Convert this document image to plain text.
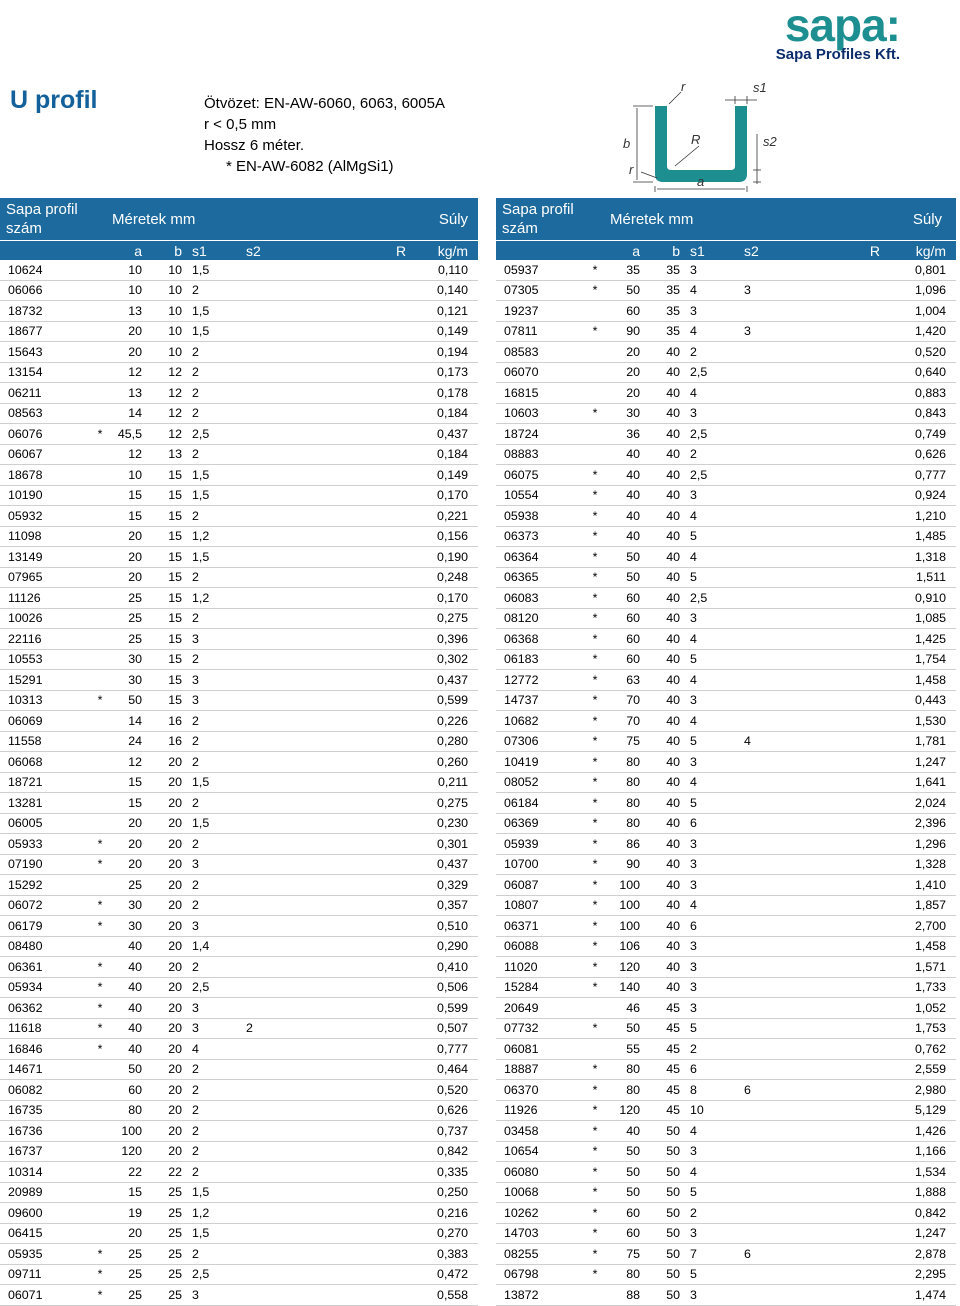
sapa:
Sapa Profiles Kft.
U profil	Ötvözet: EN-AW-6060, 6063, 6005A
r < 0,5 mm
Hossz 6 méter.
* EN-AW-6082 (AlMgSi1)
r	s1
b	R	s2
r
a
Sapa profil
szám	Méretek mm						Súly
		a	b	s1	s2	R	kg/m
10624		10	10	1,5			0,110
06066		10	10	2			0,140
18732		13	10	1,5			0,121
18677		20	10	1,5			0,149
15643		20	10	2			0,194
13154		12	12	2			0,173
06211		13	12	2			0,178
08563		14	12	2			0,184
06076	*	45,5	12	2,5			0,437
06067		12	13	2			0,184
18678		10	15	1,5			0,149
10190		15	15	1,5			0,170
05932		15	15	2			0,221
11098		20	15	1,2			0,156
13149		20	15	1,5			0,190
07965		20	15	2			0,248
11126		25	15	1,2			0,170
10026		25	15	2			0,275
22116		25	15	3			0,396
10553		30	15	2			0,302
15291		30	15	3			0,437
10313	*	50	15	3			0,599
06069		14	16	2			0,226
11558		24	16	2			0,280
06068		12	20	2			0,260
18721		15	20	1,5			0,211
13281		15	20	2			0,275
06005		20	20	1,5			0,230
05933	*	20	20	2			0,301
07190	*	20	20	3			0,437
15292		25	20	2			0,329
06072	*	30	20	2			0,357
06179	*	30	20	3			0,510
08480		40	20	1,4			0,290
06361	*	40	20	2			0,410
05934	*	40	20	2,5			0,506
06362	*	40	20	3			0,599
11618	*	40	20	3	2		0,507
16846	*	40	20	4			0,777
14671		50	20	2			0,464
06082		60	20	2			0,520
16735		80	20	2			0,626
16736		100	20	2			0,737
16737		120	20	2			0,842
10314		22	22	2			0,335
20989		15	25	1,5			0,250
09600		19	25	1,2			0,216
06415		20	25	1,5			0,270
05935	*	25	25	2			0,383
09711	*	25	25	2,5			0,472
06071	*	25	25	3			0,558
Sapa profil
szám	Méretek mm						Súly
		a	b	s1	s2	R	kg/m
05937	*	35	35	3			0,801
07305	*	50	35	4	3		1,096
19237		60	35	3			1,004
07811	*	90	35	4	3		1,420
08583		20	40	2			0,520
06070		20	40	2,5			0,640
16815		20	40	4			0,883
10603	*	30	40	3			0,843
18724		36	40	2,5			0,749
08883		40	40	2			0,626
06075	*	40	40	2,5			0,777
10554	*	40	40	3			0,924
05938	*	40	40	4			1,210
06373	*	40	40	5			1,485
06364	*	50	40	4			1,318
06365	*	50	40	5			1,511
06083	*	60	40	2,5			0,910
08120	*	60	40	3			1,085
06368	*	60	40	4			1,425
06183	*	60	40	5			1,754
12772	*	63	40	4			1,458
14737	*	70	40	3			0,443
10682	*	70	40	4			1,530
07306	*	75	40	5	4		1,781
10419	*	80	40	3			1,247
08052	*	80	40	4			1,641
06184	*	80	40	5			2,024
06369	*	80	40	6			2,396
05939	*	86	40	3			1,296
10700	*	90	40	3			1,328
06087	*	100	40	3			1,410
10807	*	100	40	4			1,857
06371	*	100	40	6			2,700
06088	*	106	40	3			1,458
11020	*	120	40	3			1,571
15284	*	140	40	3			1,733
20649		46	45	3			1,052
07732	*	50	45	5			1,753
06081		55	45	2			0,762
18887	*	80	45	6			2,559
06370	*	80	45	8	6		2,980
11926	*	120	45	10			5,129
03458	*	40	50	4			1,426
10654	*	50	50	3			1,166
06080	*	50	50	4			1,534
10068	*	50	50	5			1,888
10262	*	60	50	2			0,842
14703	*	60	50	3			1,247
08255	*	75	50	7	6		2,878
06798	*	80	50	5			2,295
13872		88	50	3			1,474
